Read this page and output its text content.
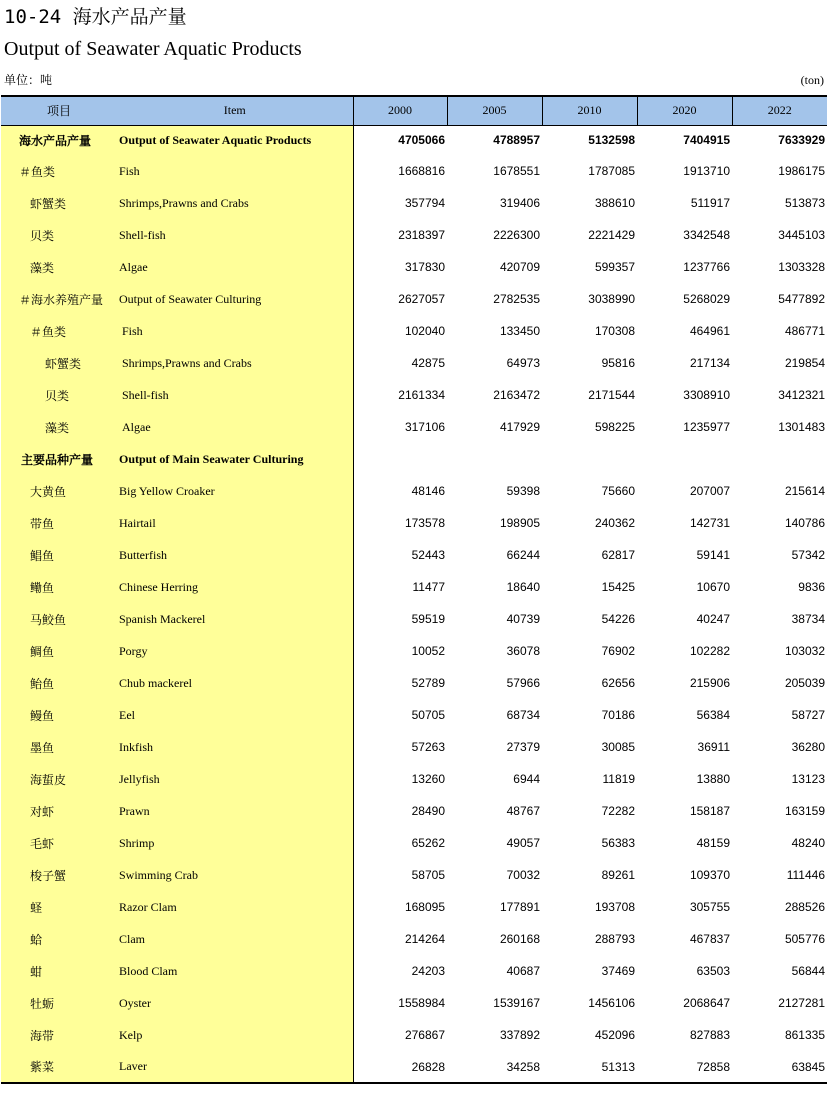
10-24 海水产品产量
Output of Seawater Aquatic Products
单位：吨	(ton)
项目	Item	2000	2005	2010	2020	2022
海水产品产量	Output of Seawater Aquatic Products	4705066	4788957	5132598	7404915	7633929
＃鱼类	Fish	1668816	1678551	1787085	1913710	1986175
虾蟹类	Shrimps,Prawns and Crabs	357794	319406	388610	511917	513873
贝类	Shell-fish	2318397	2226300	2221429	3342548	3445103
藻类	Algae	317830	420709	599357	1237766	1303328
＃海水养殖产量	Output of Seawater Culturing	2627057	2782535	3038990	5268029	5477892
＃鱼类	Fish	102040	133450	170308	464961	486771
虾蟹类	Shrimps,Prawns and Crabs	42875	64973	95816	217134	219854
贝类	Shell-fish	2161334	2163472	2171544	3308910	3412321
藻类	Algae	317106	417929	598225	1235977	1301483
主要品种产量	Output of Main Seawater Culturing					
大黄鱼	Big Yellow Croaker	48146	59398	75660	207007	215614
带鱼	Hairtail	173578	198905	240362	142731	140786
鲳鱼	Butterfish	52443	66244	62817	59141	57342
鳓鱼	Chinese Herring	11477	18640	15425	10670	9836
马鲛鱼	Spanish Mackerel	59519	40739	54226	40247	38734
鲷鱼	Porgy	10052	36078	76902	102282	103032
鲐鱼	Chub mackerel	52789	57966	62656	215906	205039
鳗鱼	Eel	50705	68734	70186	56384	58727
墨鱼	Inkfish	57263	27379	30085	36911	36280
海蜇皮	Jellyfish	13260	6944	11819	13880	13123
对虾	Prawn	28490	48767	72282	158187	163159
毛虾	Shrimp	65262	49057	56383	48159	48240
梭子蟹	Swimming Crab	58705	70032	89261	109370	111446
蛏	Razor Clam	168095	177891	193708	305755	288526
蛤	Clam	214264	260168	288793	467837	505776
蚶	Blood Clam	24203	40687	37469	63503	56844
牡蛎	Oyster	1558984	1539167	1456106	2068647	2127281
海带	Kelp	276867	337892	452096	827883	861335
紫菜	Laver	26828	34258	51313	72858	63845
